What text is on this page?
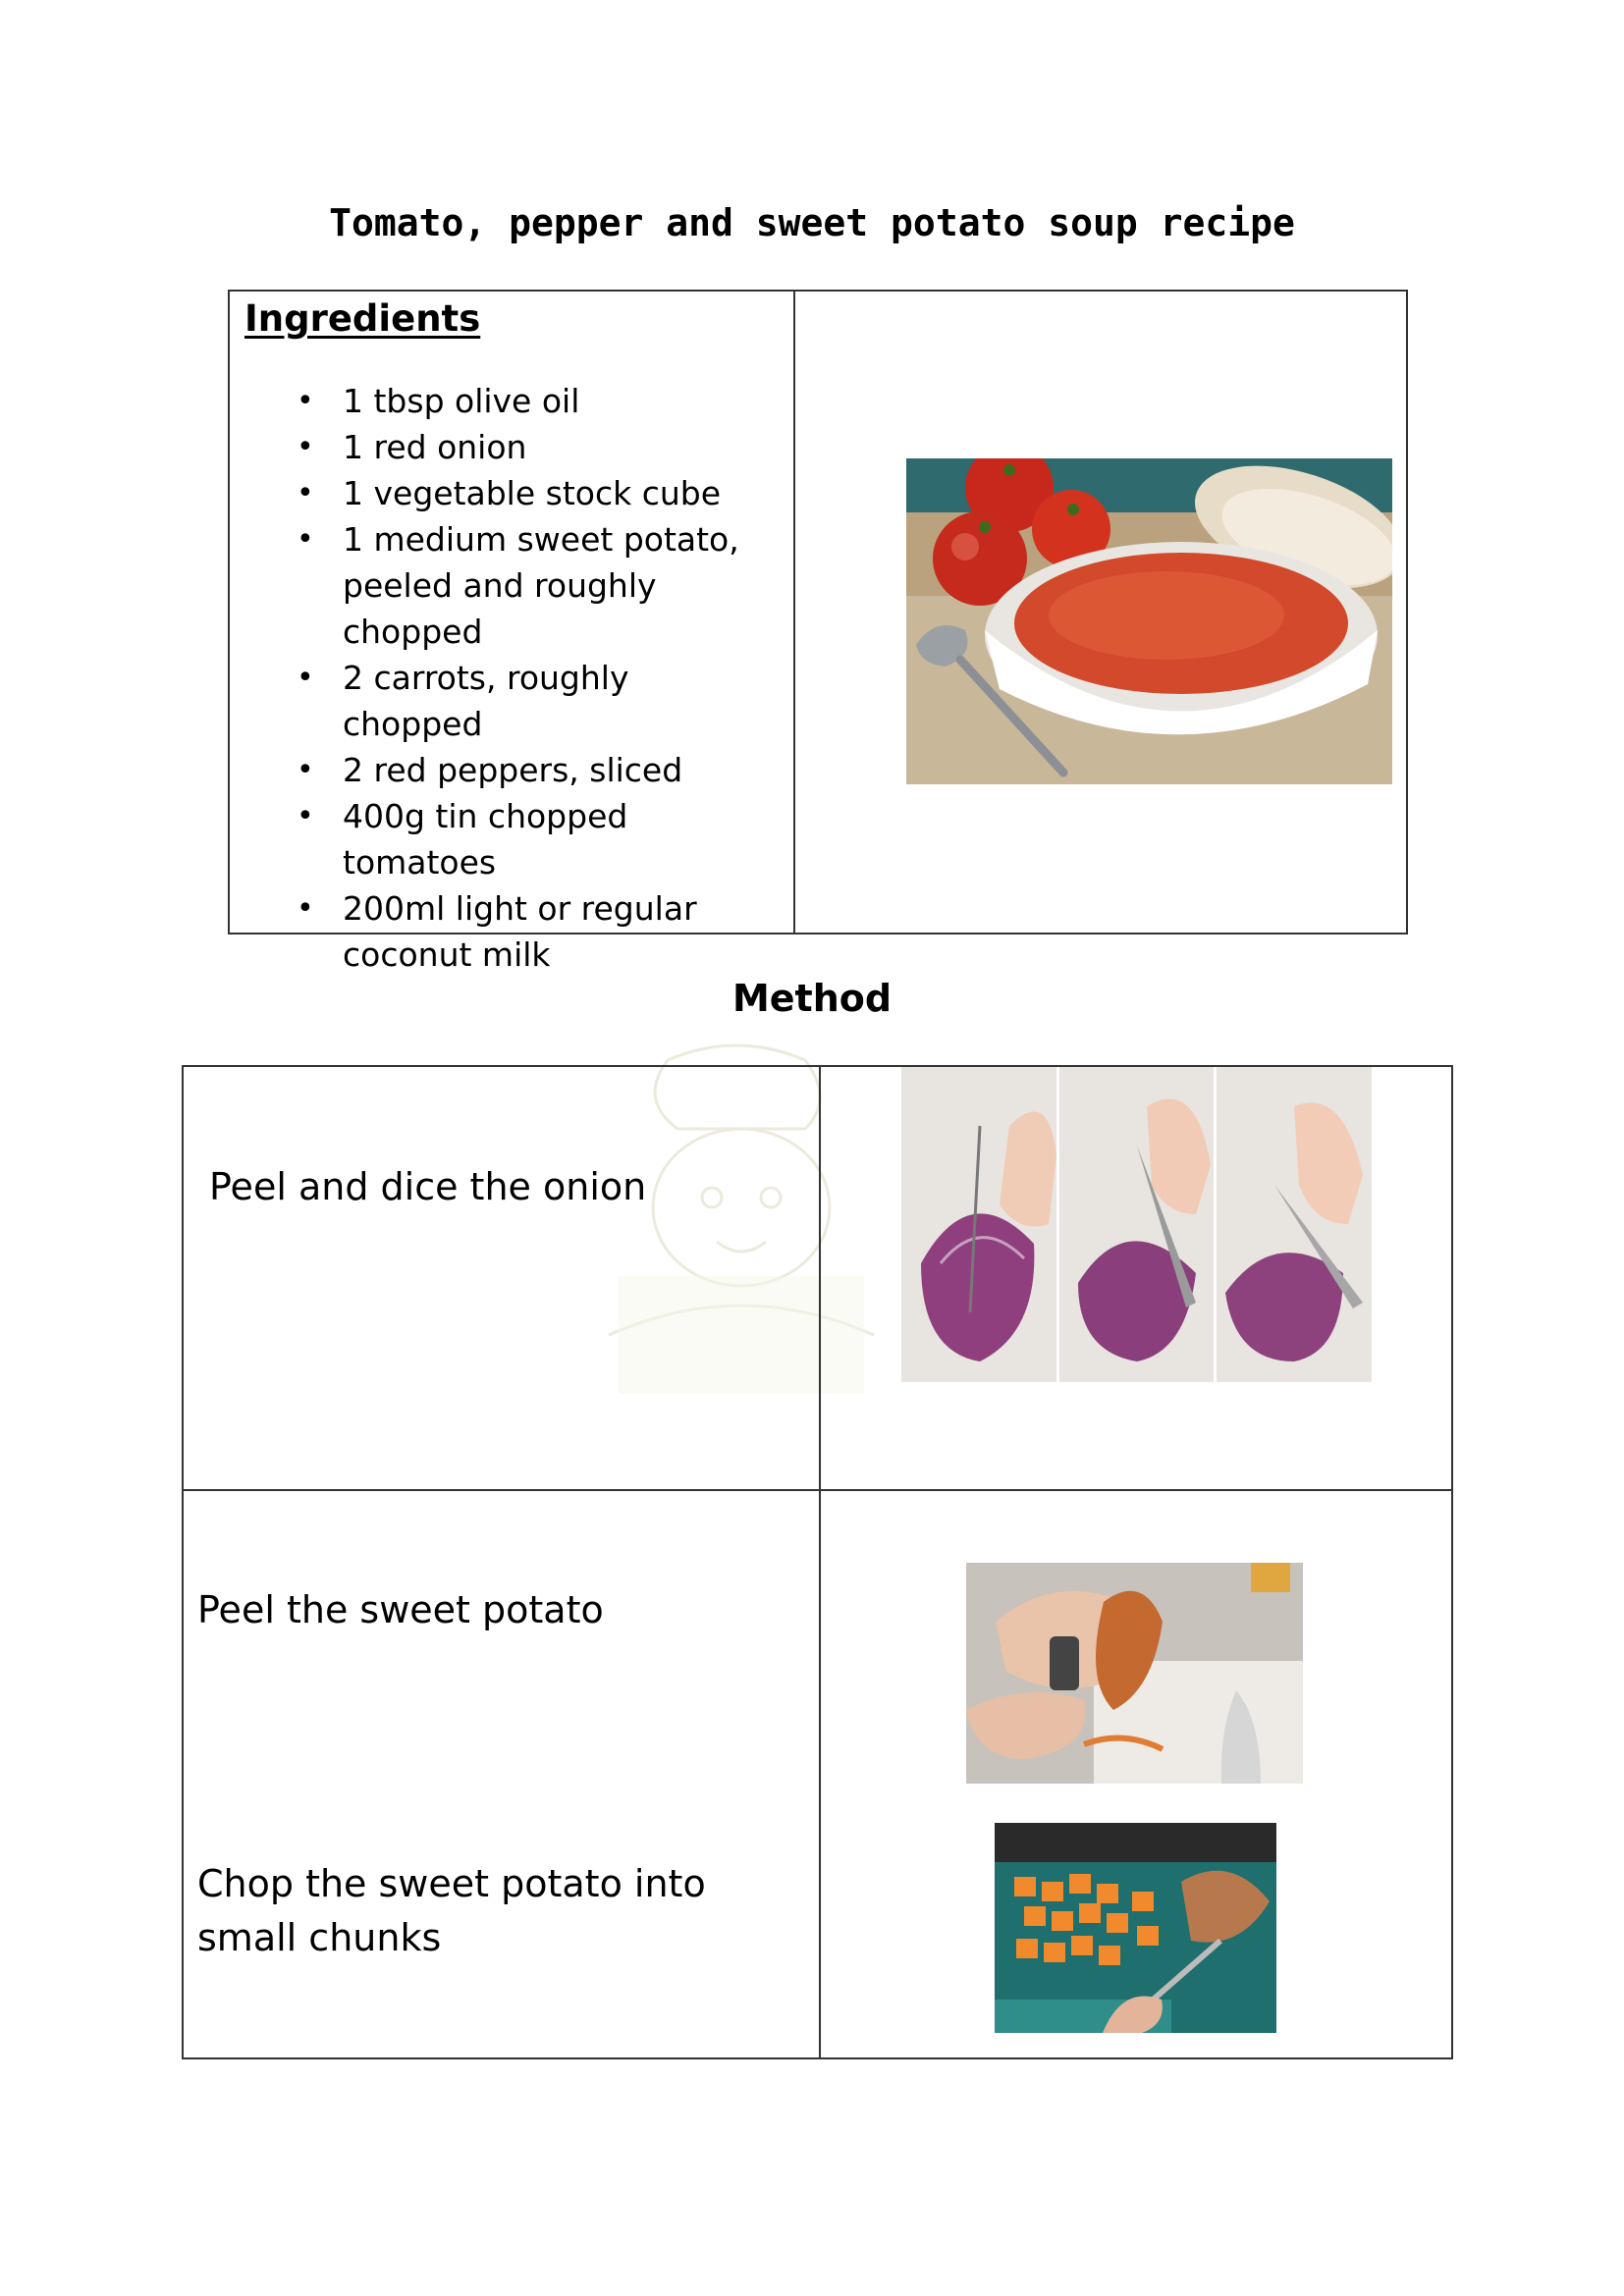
Tomato, pepper and sweet potato soup recipe
Ingredients
• 1 tbsp olive oil
• 1 red onion
• 1 vegetable stock cube
• 1 medium sweet potato, peeled and roughly chopped
• 2 carrots, roughly chopped
• 2 red peppers, sliced
• 400g tin chopped tomatoes
• 200ml light or regular coconut milk
Method
Peel and dice the onion
Peel the sweet potato
Chop the sweet potato into small chunks
